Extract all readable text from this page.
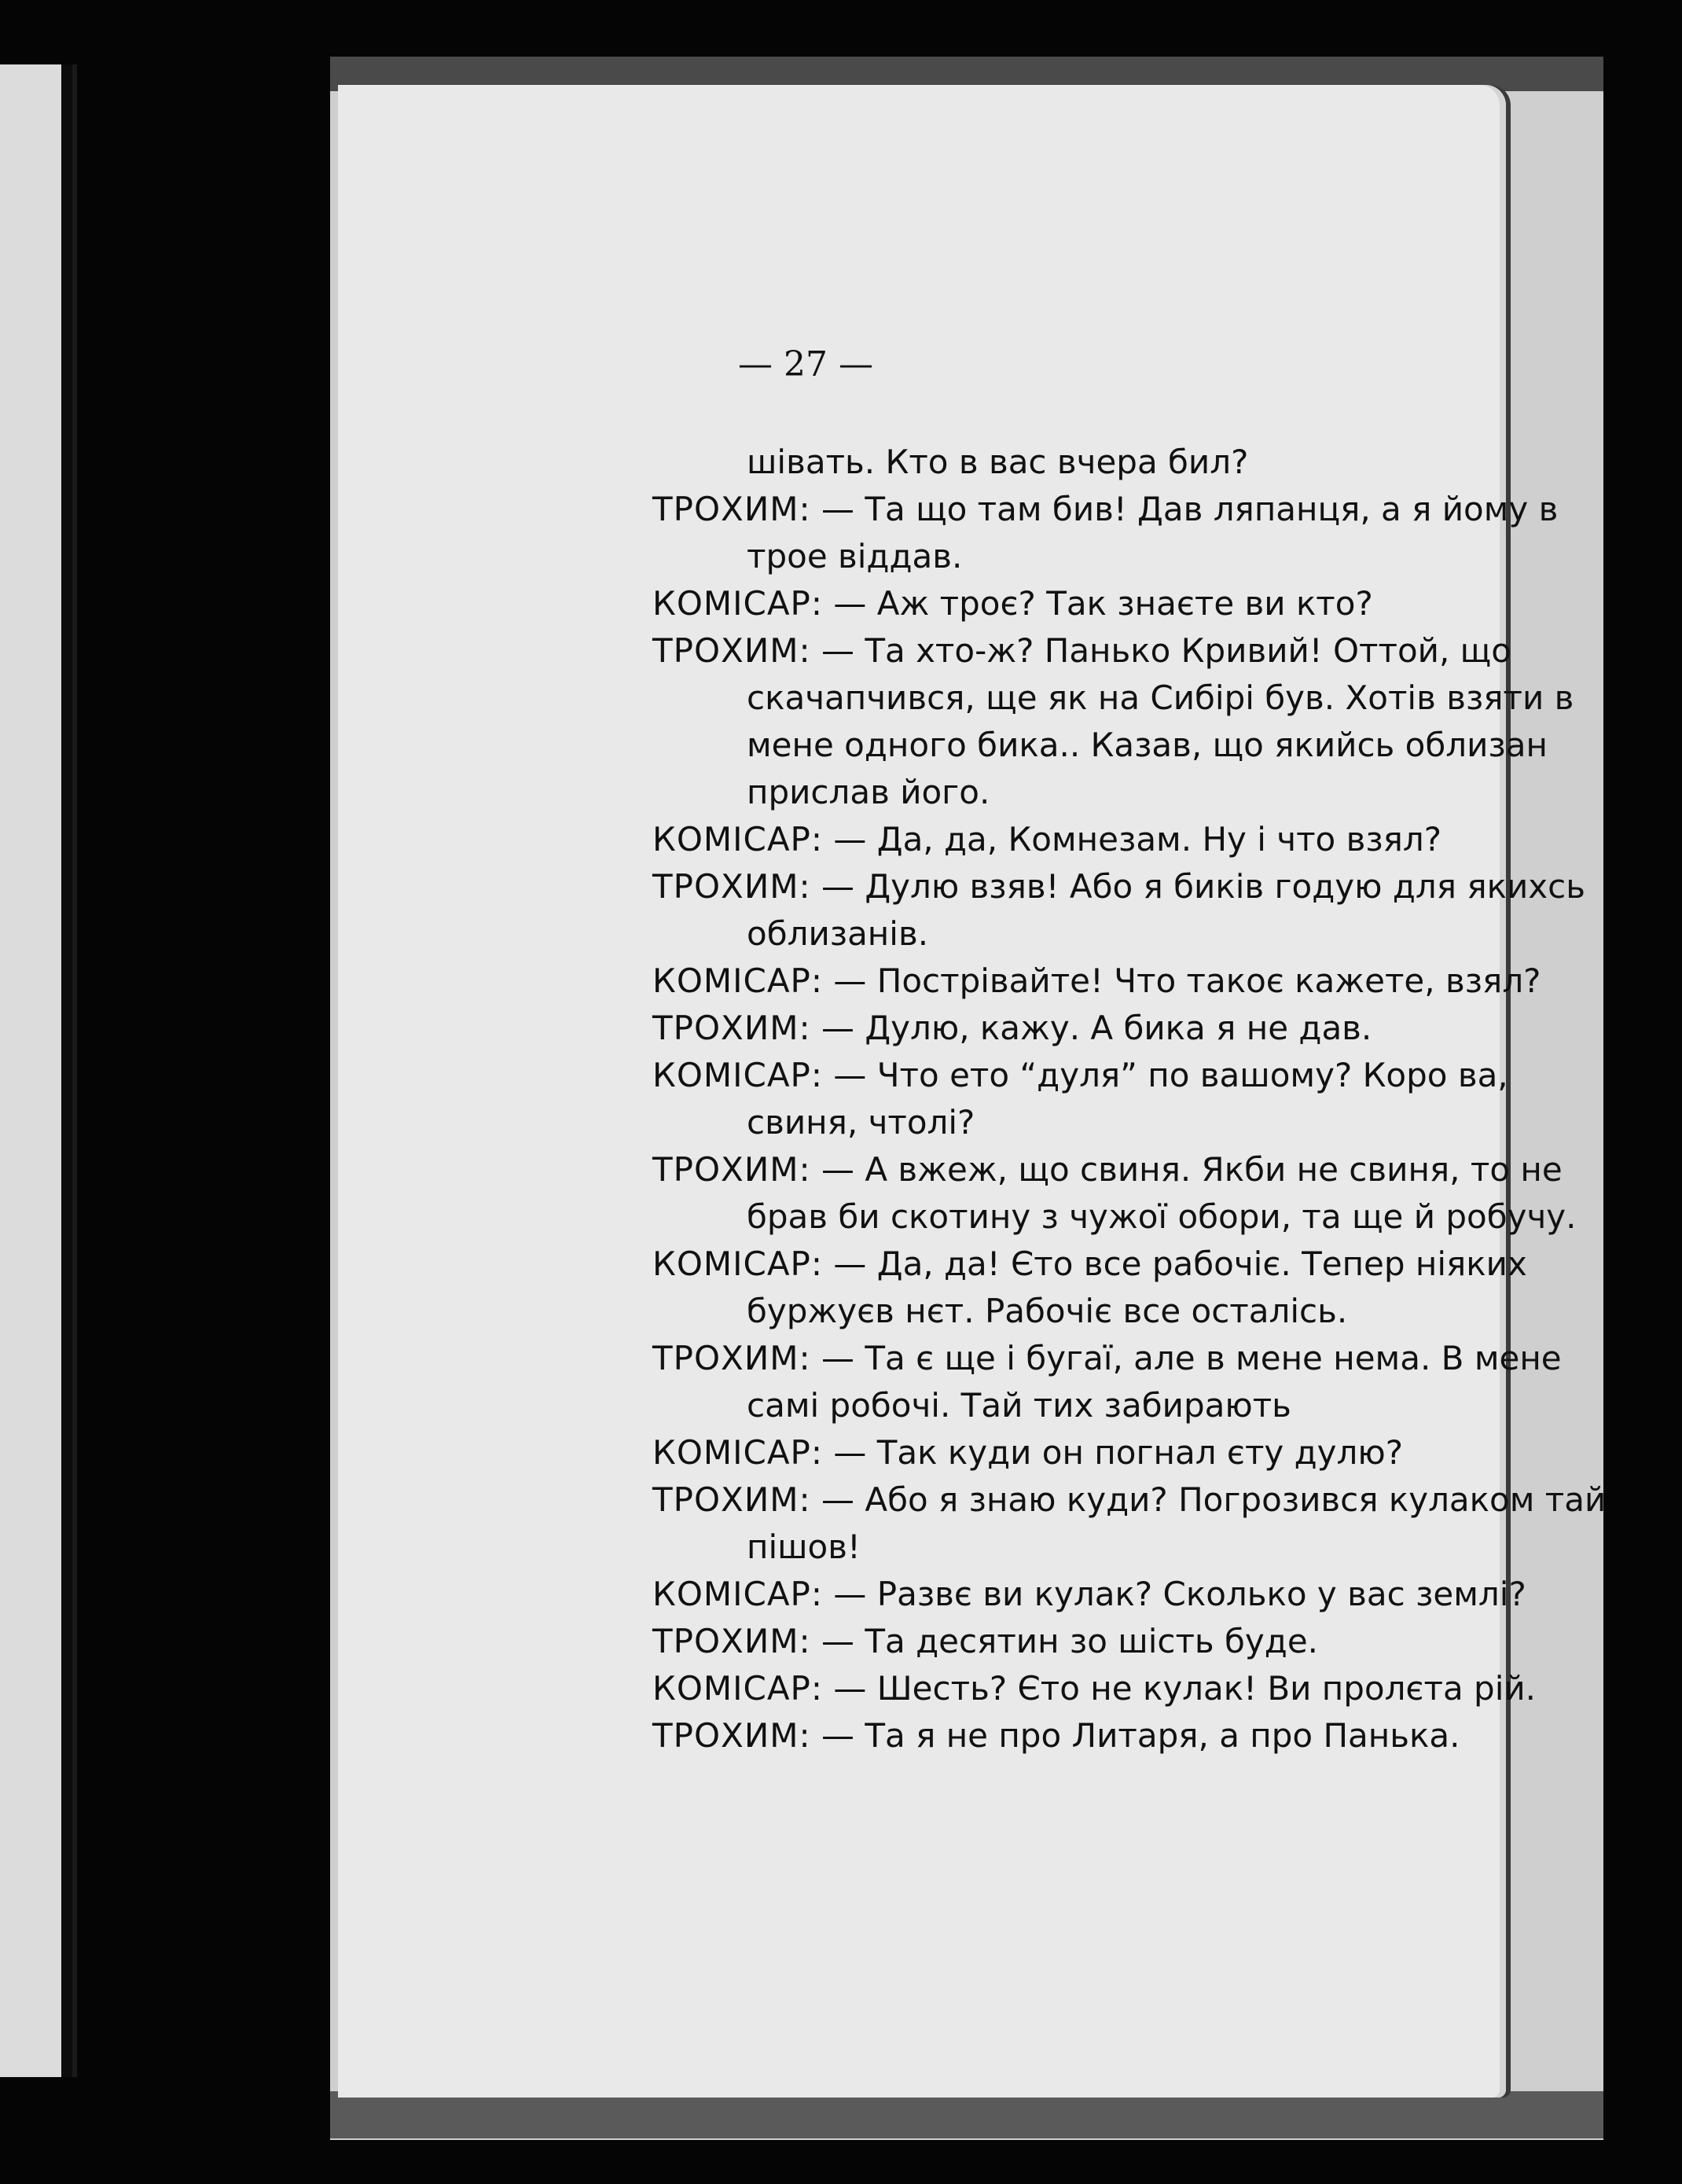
— 27 —

шівать. Кто в вас вчера бил?

ТРОХИМ: — Та що там бив! Дав ляпанця, а я йому в трое віддав.

КОМІСАР: — Аж троє? Так знаєте ви кто?

ТРОХИМ: — Та хто-ж? Панько Кривий! Оттой, що скачапчився, ще як на Сибірі був. Хотів взяти в мене одного бика.. Казав, що якийсь облизан прислав його.

КОМІСАР: — Да, да, Комнезам. Ну і что взял?

ТРОХИМ: — Дулю взяв! Або я биків годую для якихсь облизанів.

КОМІСАР: — Пострівайте! Что такоє кажете, взял?

ТРОХИМ: — Дулю, кажу. А бика я не дав.

КОМІСАР: — Что ето “дуля” по вашому? Коро ва, свиня, чтолі?

ТРОХИМ: — А вжеж, що свиня. Якби не свиня, то не брав би скотину з чужої обори, та ще й робучу.

КОМІСАР: — Да, да! Єто все рабочіє. Тепер ніяких буржуєв нєт. Рабочіє все осталісь.

ТРОХИМ: — Та є ще і бугаї, але в мене нема. В мене самі робочі. Тай тих забирають

КОМІСАР: — Так куди он погнал єту дулю?

ТРОХИМ: — Або я знаю куди? Погрозився кулаком тай пішов!

КОМІСАР: — Развє ви кулак? Сколько у вас землі?

ТРОХИМ: — Та десятин зо шість буде.

КОМІСАР: — Шесть? Єто не кулак! Ви пролєта рій.

ТРОХИМ: — Та я не про Литаря, а про Панька.
